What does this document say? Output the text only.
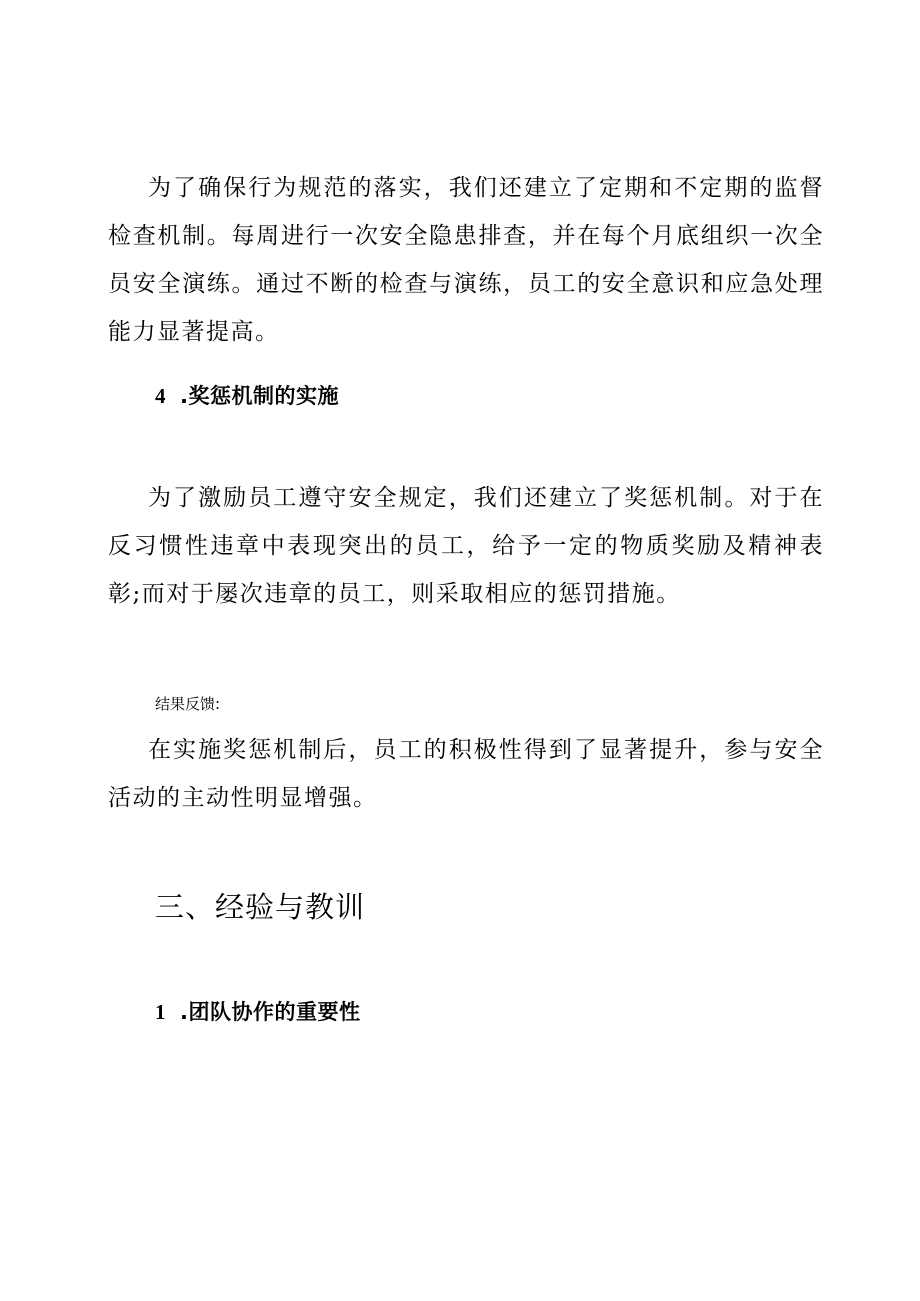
为了确保行为规范的落实，我们还建立了定期和不定期的监督检查机制。每周进行一次安全隐患排查，并在每个月底组织一次全员安全演练。通过不断的检查与演练，员工的安全意识和应急处理能力显著提高。

4 .奖惩机制的实施

为了激励员工遵守安全规定，我们还建立了奖惩机制。对于在反习惯性违章中表现突出的员工，给予一定的物质奖励及精神表彰;而对于屡次违章的员工，则采取相应的惩罚措施。

结果反馈:

在实施奖惩机制后，员工的积极性得到了显著提升，参与安全活动的主动性明显增强。

三、经验与教训
1 .团队协作的重要性
